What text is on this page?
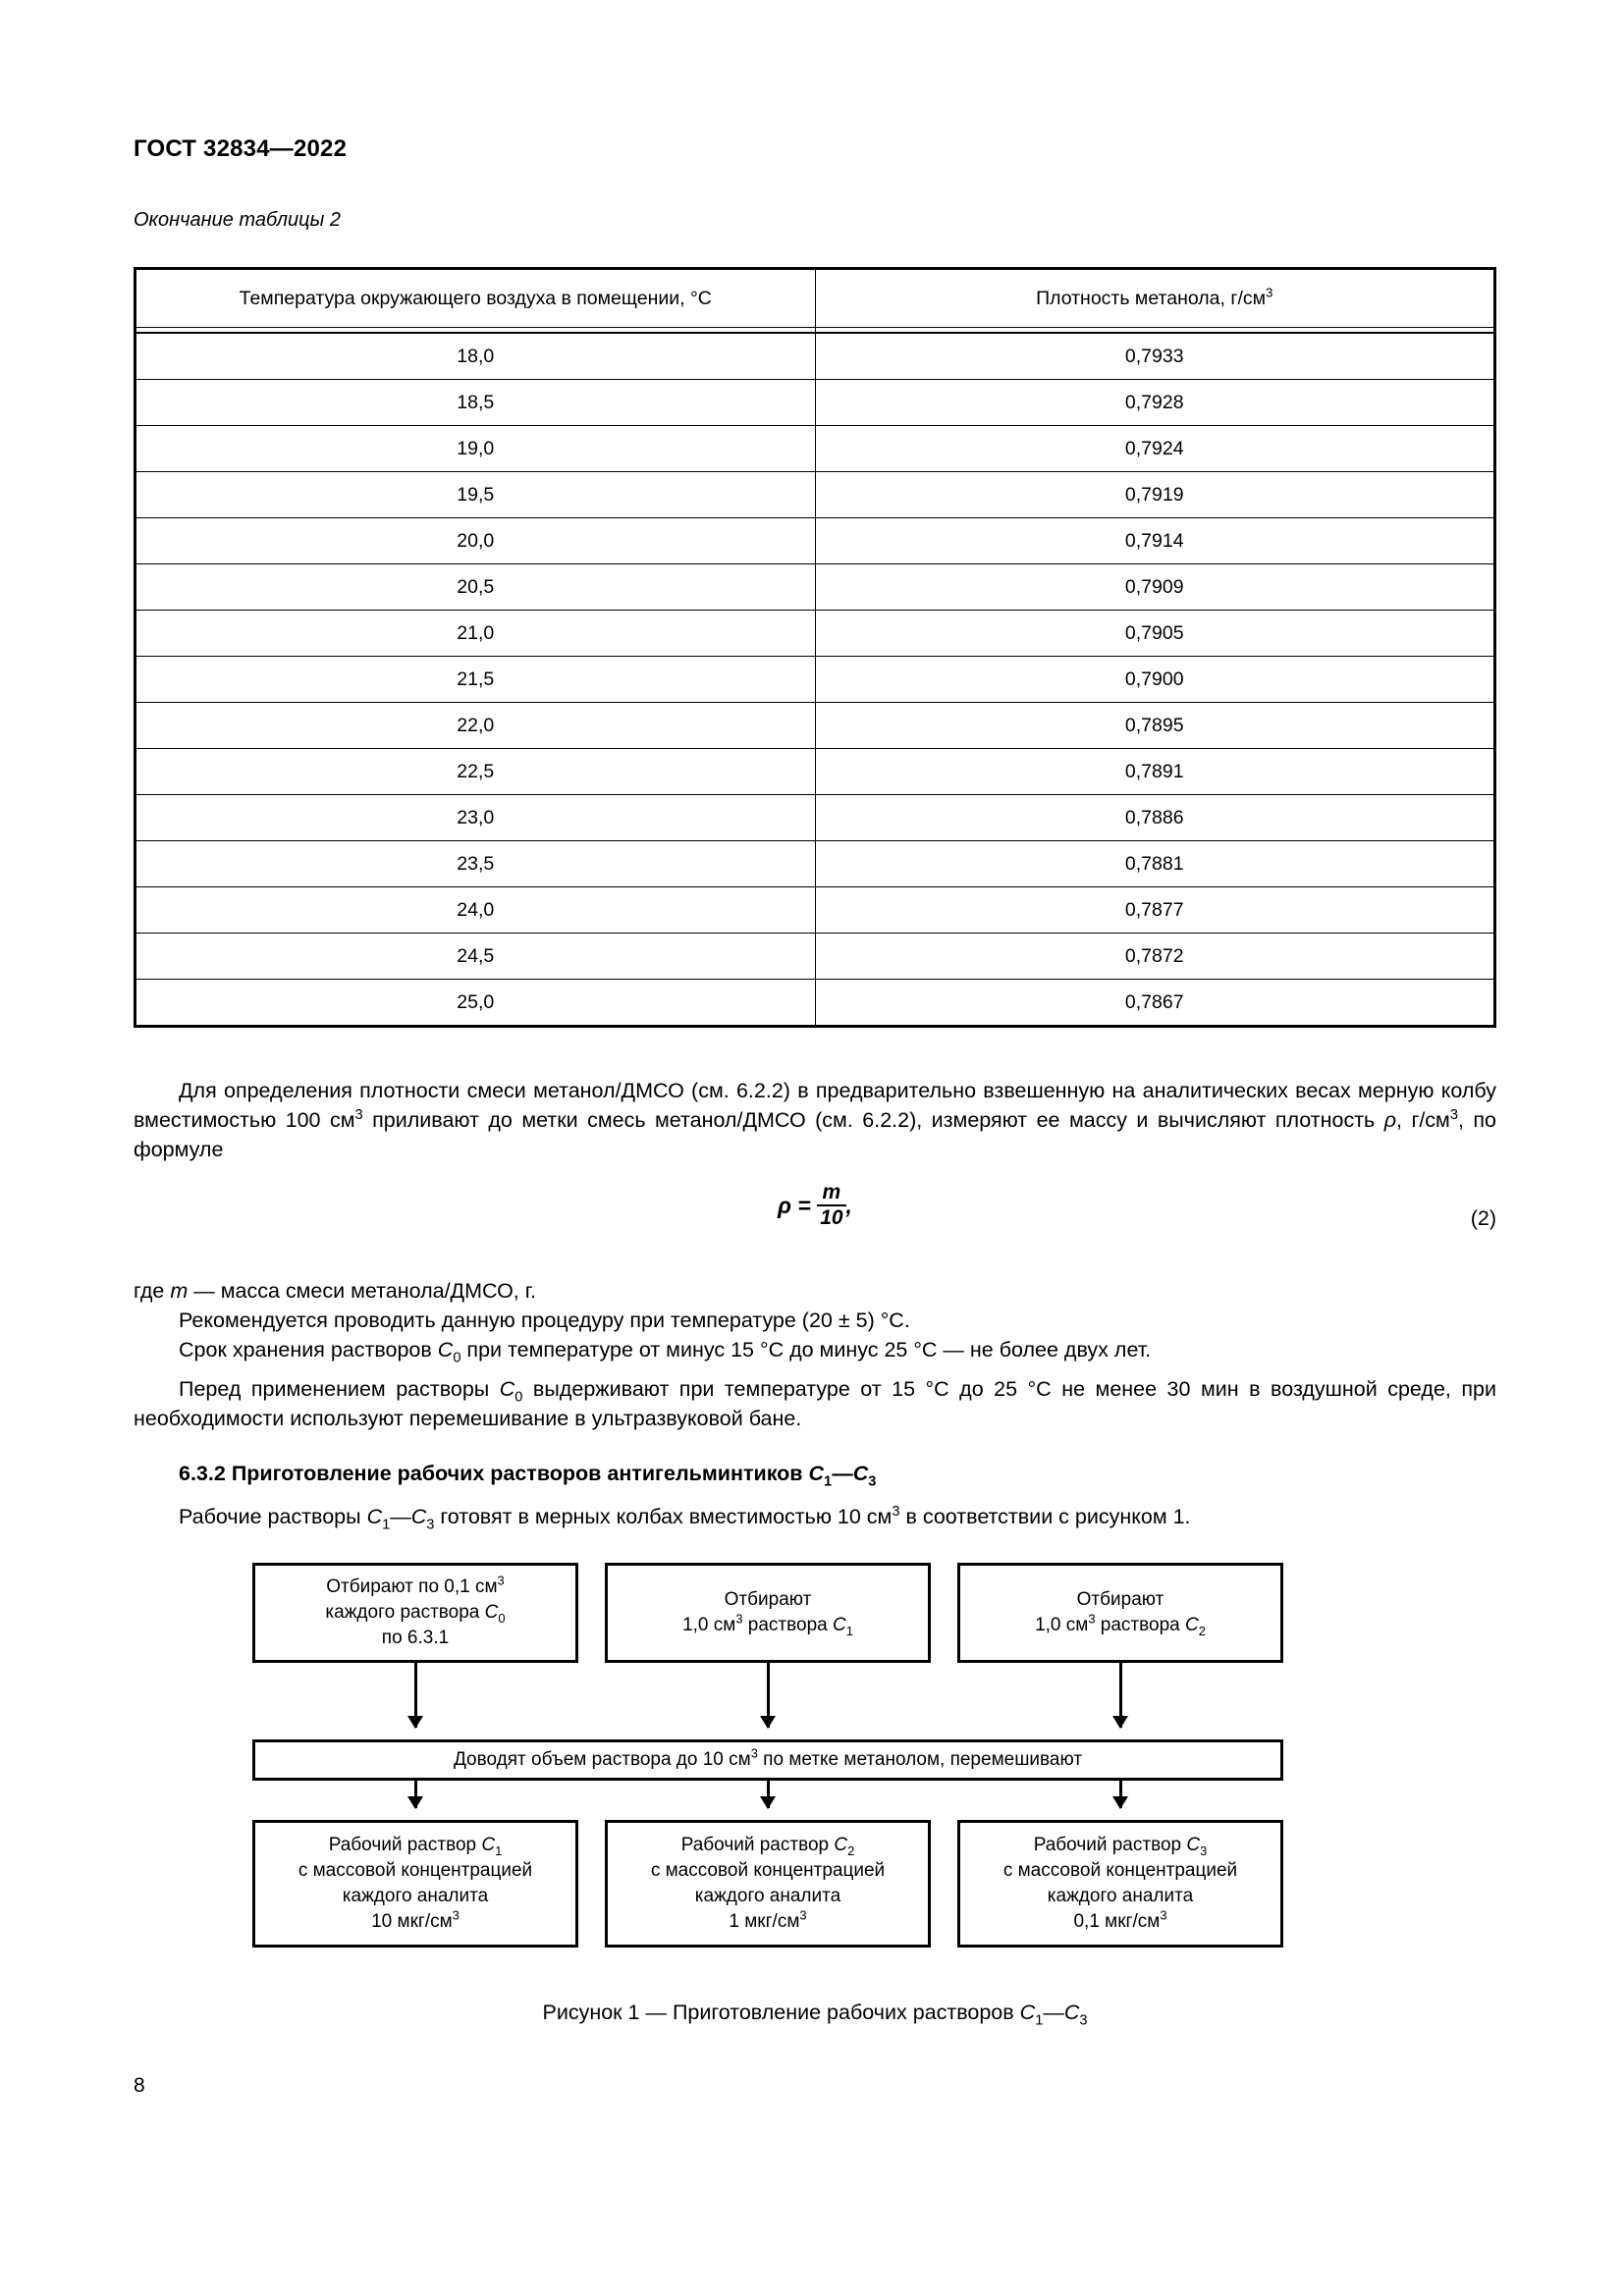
ГОСТ 32834—2022
Окончание таблицы 2
Температура окружающего воздуха в помещении, °C	Плотность метанола, $г/см^3$

18,0	0,7933
18,5	0,7928
19,0	0,7924
19,5	0,7919
20,0	0,7914
20,5	0,7909
21,0	0,7905
21,5	0,7900
22,0	0,7895
22,5	0,7891
23,0	0,7886
23,5	0,7881
24,0	0,7877
24,5	0,7872
25,0	0,7867
Для определения плотности смеси метанол/ДМСО (см. 6.2.2) в предварительно взвешенную на аналитических весах мерную колбу вместимостью 100 $см^3$ приливают до метки смесь метанол/ДМСО (см. 6.2.2), измеряют ее массу и вычисляют плотность ρ, $г/см^3$, по формуле
$\rho = \frac{m}{10}$ ,	(2)
где m — масса смеси метанола/ДМСО, г.
Рекомендуется проводить данную процедуру при температуре (20 ± 5) °C.
Срок хранения растворов $C_0$ при температуре от минус 15 °C до минус 25 °C — не более двух лет.
Перед применением растворы $C_0$ выдерживают при температуре от 15 °C до 25 °C не менее 30 мин в воздушной среде, при необходимости используют перемешивание в ультразвуковой бане.
6.3.2 Приготовление рабочих растворов антигельминтиков $C_1—C_3$
Рабочие растворы $C_1—C_3$ готовят в мерных колбах вместимостью 10 $см^3$ в соответствии с рисунком 1.
Отбирают по 0,1 $см^3$
каждого раствора $C_0$
по 6.3.1
Отбирают
1,0 $см^3$ раствора $C_1$
Отбирают
1,0 $см^3$ раствора $C_2$
Доводят объем раствора до 10 $см^3$ по метке метанолом, перемешивают
Рабочий раствор $C_1$
с массовой концентрацией
каждого аналита
10 мкг/$см^3$
Рабочий раствор $C_2$
с массовой концентрацией
каждого аналита
1 мкг/$см^3$
Рабочий раствор $C_3$
с массовой концентрацией
каждого аналита
0,1 мкг/$см^3$
Рисунок 1 — Приготовление рабочих растворов $C_1—C_3$
8
